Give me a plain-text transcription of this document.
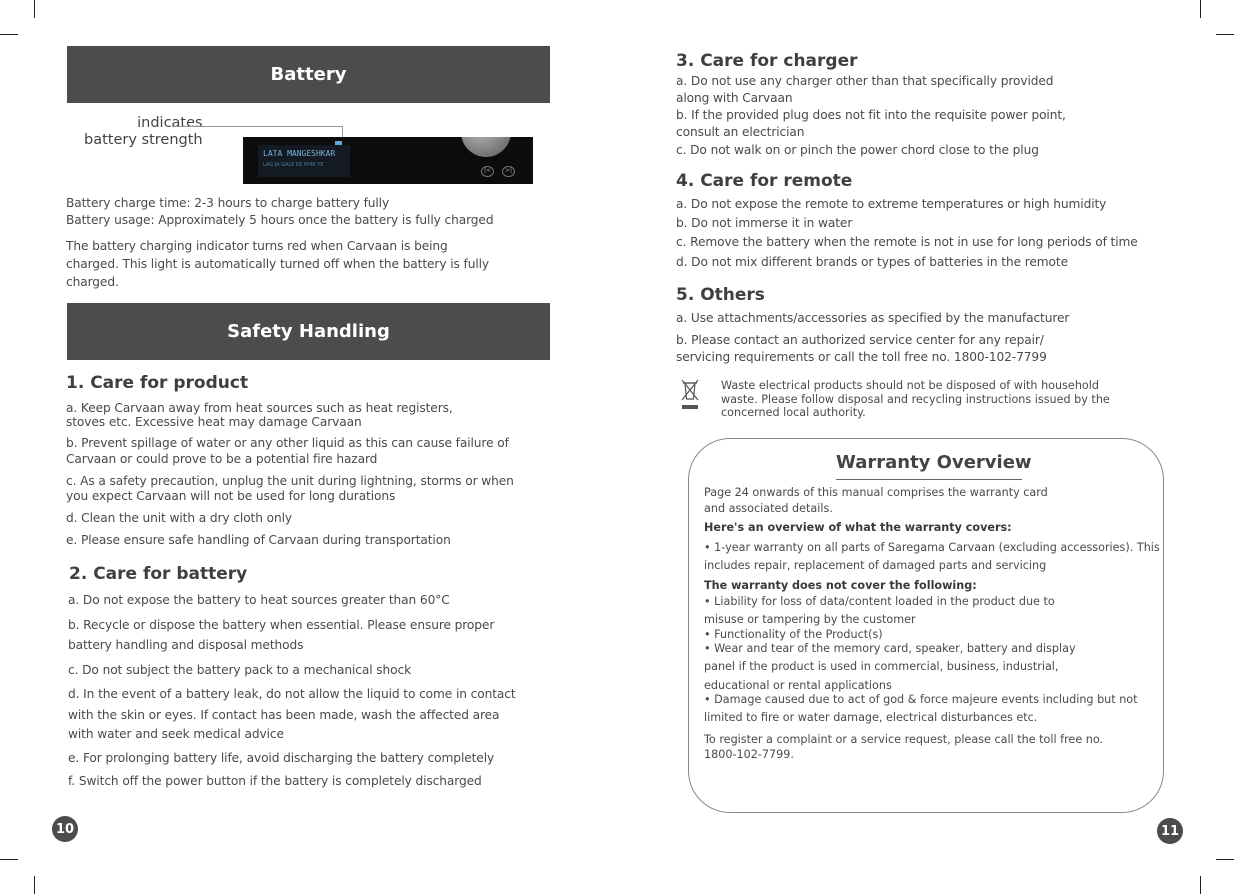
Battery
indicates
battery strength
LATA MANGESHKAR
LAG JA GALE KE PHIR YE
|<	>|
Battery charge time: 2-3 hours to charge battery fully
Battery usage: Approximately 5 hours once the battery is fully charged
The battery charging indicator turns red when Carvaan is being
charged. This light is automatically turned off when the battery is fully
charged.
1. Care for product
a. Keep Carvaan away from heat sources such as heat registers,
stoves etc. Excessive heat may damage Carvaan
b. Prevent spillage of water or any other liquid as this can cause failure of
Carvaan or could prove to be a potential fire hazard
c. As a safety precaution, unplug the unit during lightning, storms or when
you expect Carvaan will not be used for long durations
d. Clean the unit with a dry cloth only
e. Please ensure safe handling of Carvaan during transportation
2. Care for battery
a. Do not expose the battery to heat sources greater than 60°C
b. Recycle or dispose the battery when essential. Please ensure proper
battery handling and disposal methods
c. Do not subject the battery pack to a mechanical shock
d. In the event of a battery leak, do not allow the liquid to come in contact
with the skin or eyes. If contact has been made, wash the affected area
with water and seek medical advice
e. For prolonging battery life, avoid discharging the battery completely
f. Switch off the power button if the battery is completely discharged
Safety Handling
10
3. Care for charger
a. Do not use any charger other than that specifically provided
along with Carvaan
b. If the provided plug does not fit into the requisite power point,
consult an electrician
c. Do not walk on or pinch the power chord close to the plug
4. Care for remote
a. Do not expose the remote to extreme temperatures or high humidity
b. Do not immerse it in water
c. Remove the battery when the remote is not in use for long periods of time
d. Do not mix different brands or types of batteries in the remote
5. Others
a. Use attachments/accessories as specified by the manufacturer
b. Please contact an authorized service center for any repair/
servicing requirements or call the toll free no. 1800-102-7799
Waste electrical products should not be disposed of with household
waste. Please follow disposal and recycling instructions issued by the
concerned local authority.
Warranty Overview
Page 24 onwards of this manual comprises the warranty card
and associated details.
Here's an overview of what the warranty covers:
• 1-year warranty on all parts of Saregama Carvaan (excluding accessories). This
includes repair, replacement of damaged parts and servicing
The warranty does not cover the following:
• Liability for loss of data/content loaded in the product due to
misuse or tampering by the customer
• Functionality of the Product(s)
• Wear and tear of the memory card, speaker, battery and display
panel if the product is used in commercial, business, industrial,
educational or rental applications
• Damage caused due to act of god & force majeure events including but not
limited to fire or water damage, electrical disturbances etc.
To register a complaint or a service request, please call the toll free no.
1800-102-7799.
11
